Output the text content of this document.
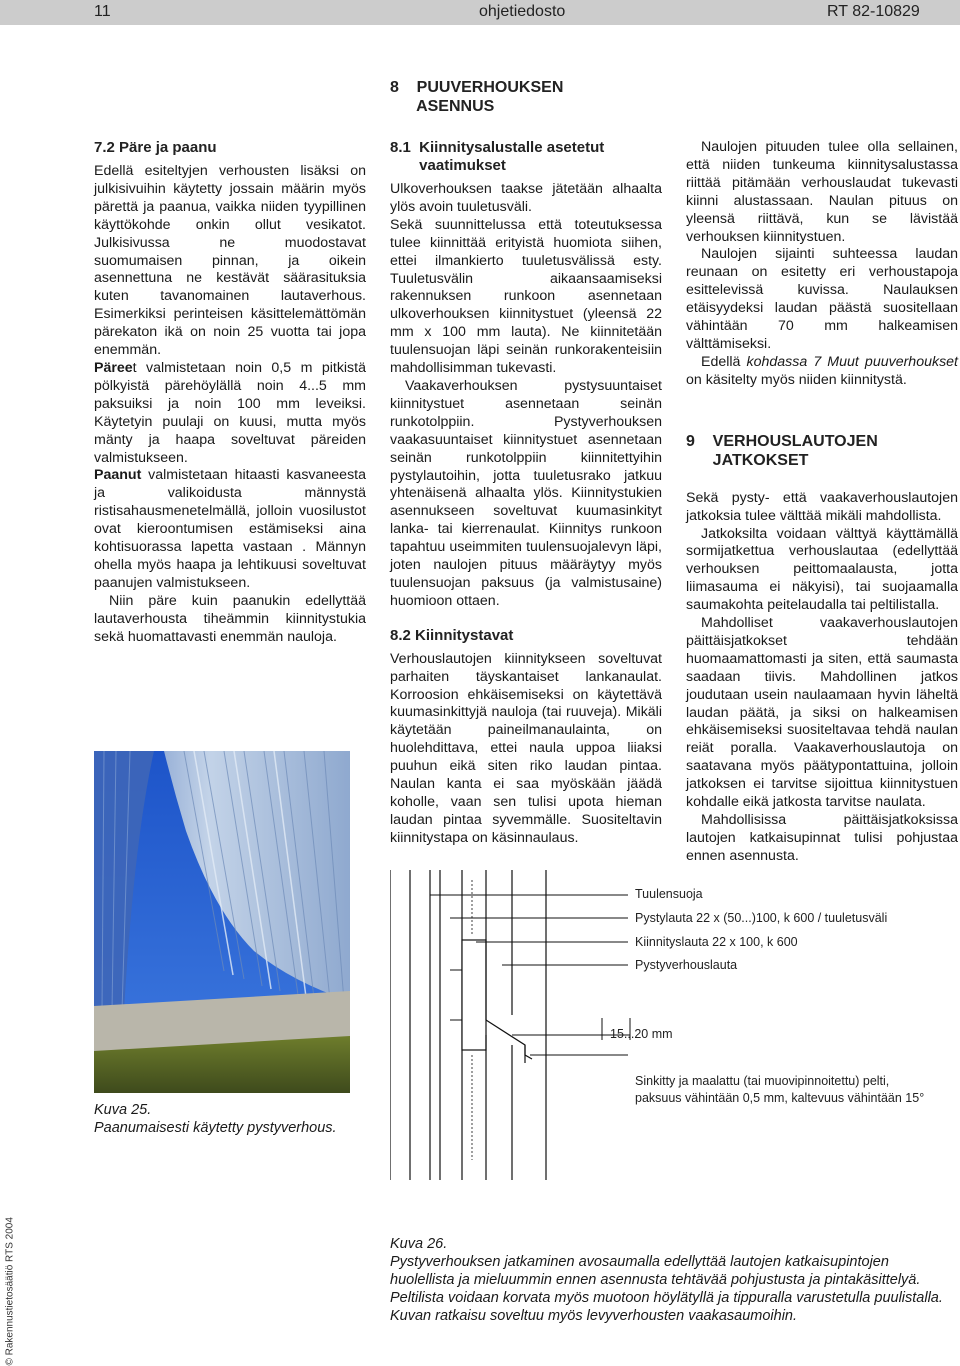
11	ohjetiedosto	RT 82-10829
8    PUUVERHOUKSEN
ASENNUS
7.2 Päre ja paanu

Edellä esiteltyjen verhousten lisäksi on julkisivuihin käytetty jossain määrin myös pärettä ja paanua, vaikka niiden tyypillinen käyttökohde onkin ollut vesikatot. Julkisivussa ne muodostavat suomumaisen pinnan, ja oikein asennettuna ne kestävät säärasituksia kuten tavanomainen lautaverhous. Esimerkiksi perinteisen käsittelemättömän pärekaton ikä on noin 25 vuotta tai jopa enemmän.

Päreet valmistetaan noin 0,5 m pitkistä pölkyistä pärehöylällä noin 4...5 mm paksuiksi ja noin 100 mm leveiksi. Käytetyin puulaji on kuusi, mutta myös mänty ja haapa soveltuvat päreiden valmistukseen.

Paanut valmistetaan hitaasti kasvaneesta ja valikoidusta männystä ristisahausmenetelmällä, jolloin vuosilustot ovat kieroontumisen estämiseksi aina kohtisuorassa lapetta vastaan . Männyn ohella myös haapa ja lehtikuusi soveltuvat paanujen valmistukseen.

Niin päre kuin paanukin edellyttää lautaverhousta tiheämmin kiinnitystukia sekä huomattavasti enemmän nauloja.

8.1  Kiinnitysalustalle asetetut
vaatimukset

Ulkoverhouksen taakse jätetään alhaalta ylös avoin tuuletusväli.

Sekä suunnittelussa että toteutuksessa tulee kiinnittää erityistä huomiota siihen, ettei ilmankierto tuuletusvälissä esty. Tuuletusvälin aikaansaamiseksi rakennuksen runkoon asennetaan ulkoverhouksen kiinnitystuet (yleensä 22 mm x 100 mm lauta). Ne kiinnitetään tuulensuojan läpi seinän runkorakenteisiin mahdollisimman tukevasti.

Vaakaverhouksen pystysuuntaiset kiinnitystuet asennetaan seinän runkotolppiin. Pystyverhouksen vaakasuuntaiset kiinnitystuet asennetaan seinän runkotolppiin kiinnitettyihin pystylautoihin, jotta tuuletusrako jatkuu yhtenäisenä alhaalta ylös. Kiinnitystukien asennukseen soveltuvat kuumasinkityt lanka- tai kierrenaulat. Kiinnitys runkoon tapahtuu useimmiten tuulensuojalevyn läpi, joten naulojen pituus määräytyy myös tuulensuojan paksuus (ja valmistusaine) huomioon ottaen.

8.2 Kiinnitystavat

Verhouslautojen kiinnitykseen soveltuvat parhaiten täyskantaiset lankanaulat. Korroosion ehkäisemiseksi on käytettävä kuumasinkittyjä nauloja (tai ruuveja). Mikäli käytetään paineilmanaulainta, on huolehdittava, ettei naula uppoa liiaksi puuhun eikä siten riko laudan pintaa. Naulan kanta ei saa myöskään jäädä koholle, vaan sen tulisi upota hieman laudan pintaa syvemmälle. Suositeltavin kiinnitystapa on käsinnaulaus.

Naulojen pituuden tulee olla sellainen, että niiden tunkeuma kiinnitysalustassa riittää pitämään verhouslaudat tukevasti kiinni alustassaan. Naulan pituus on yleensä riittävä, kun se lävistää verhouksen kiinnitystuen.

Naulojen sijainti suhteessa laudan reunaan on esitetty eri verhoustapoja esittelevissä kuvissa. Naulauksen etäisyydeksi laudan päästä suositellaan vähintään 70 mm halkeamisen välttämiseksi.

Edellä kohdassa 7 Muut puuverhoukset on käsitelty myös niiden kiinnitystä.

9    VERHOUSLAUTOJEN
JATKOKSET

Sekä pysty- että vaakaverhouslautojen jatkoksia tulee välttää mikäli mahdollista.

Jatkoksilta voidaan välttyä käyttämällä sormijatkettua verhouslautaa (edellyttää verhouksen peittomaalausta, jotta liimasauma ei näkyisi), tai suojaamalla saumakohta peitelaudalla tai peltilistalla.

Mahdolliset vaakaverhouslautojen päittäisjatkokset tehdään huomaamattomasti ja siten, että saumasta saadaan tiivis. Mahdollinen jatkos joudutaan usein naulaamaan hyvin läheltä laudan päätä, ja siksi on halkeamisen ehkäisemiseksi suositeltavaa tehdä naulan reiät poralla. Vaakaverhouslautoja on saatavana myös päätypontattuina, jolloin jatkoksen ei tarvitse sijoittua kiinnitystuen kohdalle eikä jatkosta tarvitse naulata.

Mahdollisissa päittäisjatkoksissa lautojen katkaisupinnat tulisi pohjustaa ennen asennusta.

Kuva 25.
Paanumaisesti käytetty pystyverhous.
Tuulensuoja
Pystylauta 22 x (50...)100, k 600 / tuuletusväli
Kiinnityslauta 22 x 100, k 600
Pystyverhouslauta
15...20 mm
Sinkitty ja maalattu (tai muovipinnoitettu) pelti,
paksuus vähintään 0,5 mm, kaltevuus vähintään 15°
Kuva 26.
Pystyverhouksen jatkaminen avosaumalla edellyttää lautojen katkaisupintojen huolellista ja mieluummin ennen asennusta tehtävää pohjustusta ja pintakäsittelyä. Peltilista voidaan korvata myös muotoon höylätyllä ja tippuralla varustetulla puulistalla. Kuvan ratkaisu soveltuu myös levyverhousten vaakasaumoihin.
© Rakennustietosäätiö RTS 2004
